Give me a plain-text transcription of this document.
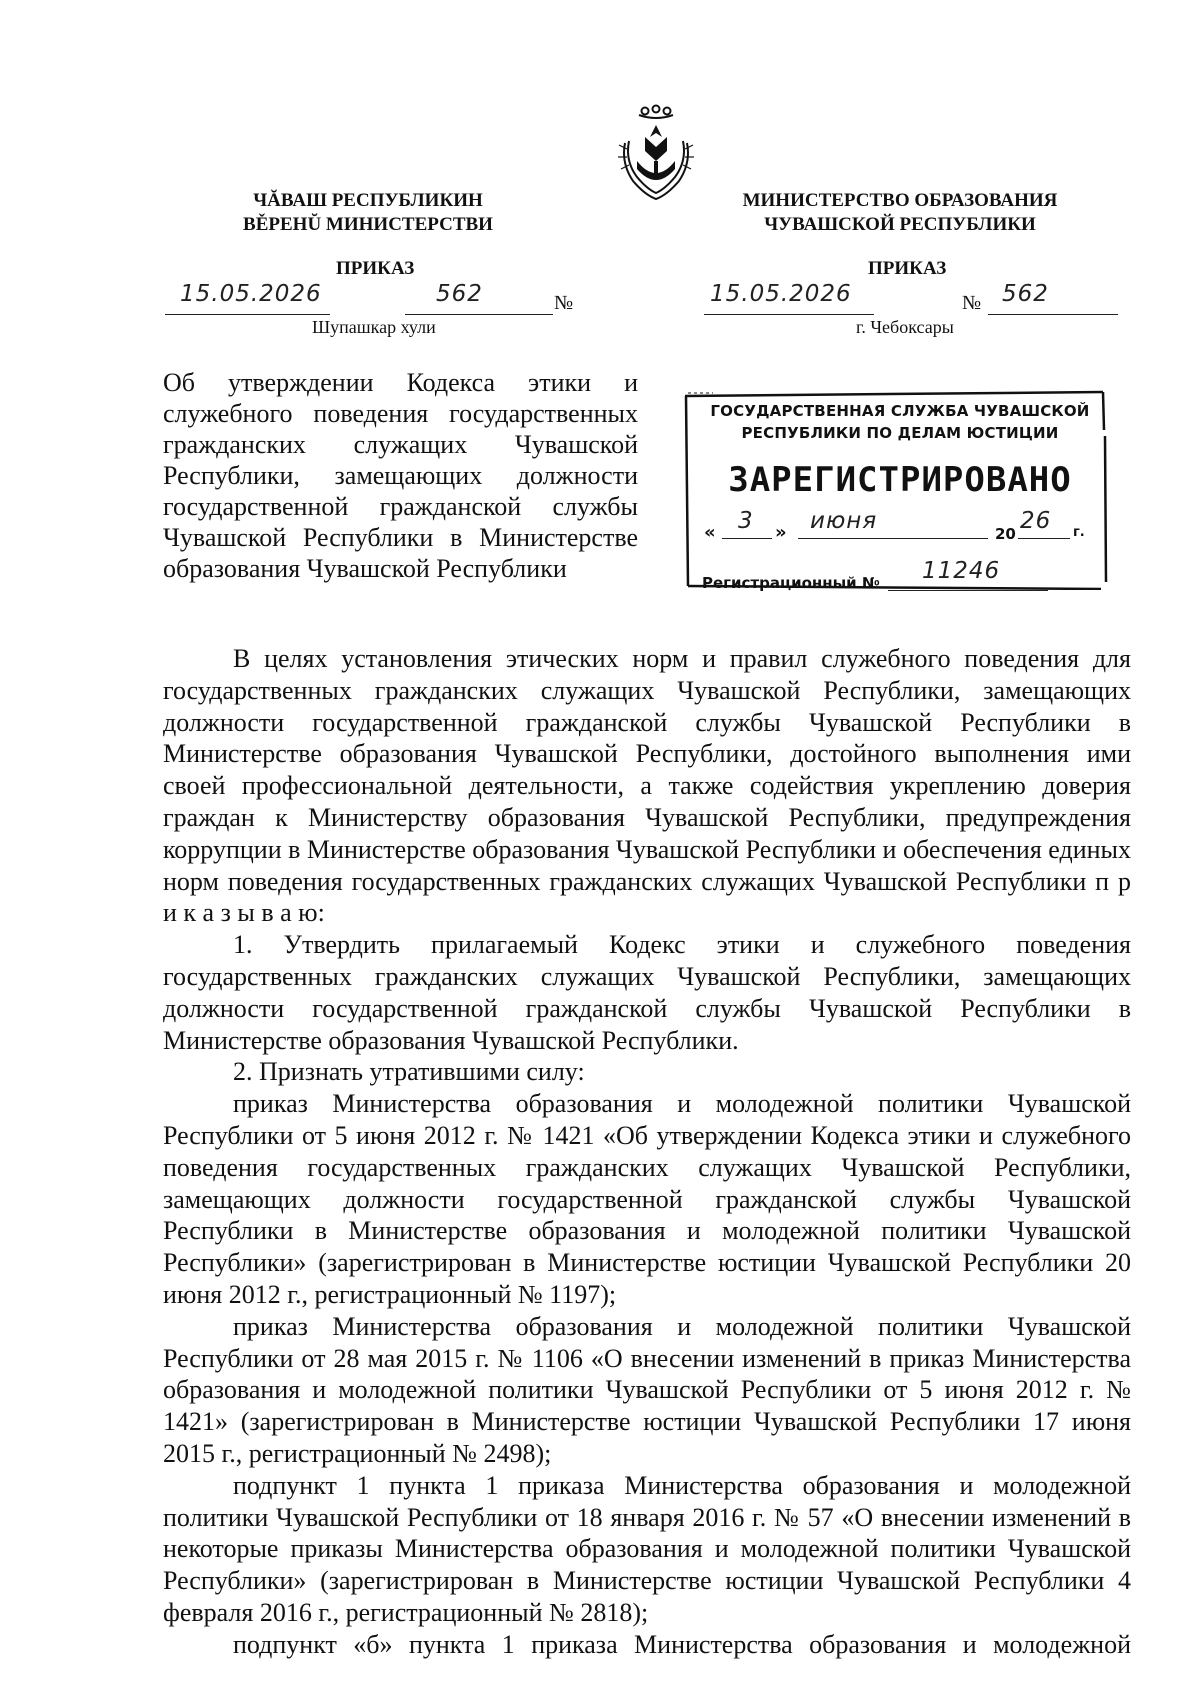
ЧĂВАШ РЕСПУБЛИКИН
ВĚРЕНŬ МИНИСТЕРСТВИ
МИНИСТЕРСТВО ОБРАЗОВАНИЯ
ЧУВАШСКОЙ РЕСПУБЛИКИ
ПРИКАЗ	ПРИКАЗ
15.05.2026	562	№
Шупашкар хули
15.05.2026	№ 562
г. Чебоксары
Об утверждении Кодекса этики и
служебного поведения государственных
гражданских служащих Чувашской
Республики, замещающих должности
государственной гражданской службы
Чувашской Республики в Министерстве
образования Чувашской Республики
ГОСУДАРСТВЕННАЯ СЛУЖБА ЧУВАШСКОЙ
РЕСПУБЛИКИ ПО ДЕЛАМ ЮСТИЦИИ
ЗАРЕГИСТРИРОВАНО
« 3 » июня	20 26 г.
Регистрационный № 11246

В целях установления этических норм и правил служебного поведения для государственных гражданских служащих Чувашской Республики, замещающих должности государственной гражданской службы Чувашской Республики в Министерстве образования Чувашской Республики, достойного выполнения ими своей профессиональной деятельности, а также содействия укреплению доверия граждан к Министерству образования Чувашской Республики, предупреждения коррупции в Министерстве образования Чувашской Республики и обеспечения единых норм поведения государственных гражданских служащих Чувашской Республики п р и к а з ы в а ю:

1. Утвердить прилагаемый Кодекс этики и служебного поведения государственных гражданских служащих Чувашской Республики, замещающих должности государственной гражданской службы Чувашской Республики в Министерстве образования Чувашской Республики.

2. Признать утратившими силу:

приказ Министерства образования и молодежной политики Чувашской Республики от 5 июня 2012 г. № 1421 «Об утверждении Кодекса этики и служебного поведения государственных гражданских служащих Чувашской Республики, замещающих должности государственной гражданской службы Чувашской Республики в Министерстве образования и молодежной политики Чувашской Республики» (зарегистрирован в Министерстве юстиции Чувашской Республики 20 июня 2012 г., регистрационный № 1197);

приказ Министерства образования и молодежной политики Чувашской Республики от 28 мая 2015 г. № 1106 «О внесении изменений в приказ Министерства образования и молодежной политики Чувашской Республики от 5 июня 2012 г. № 1421» (зарегистрирован в Министерстве юстиции Чувашской Республики 17 июня 2015 г., регистрационный № 2498);

подпункт 1 пункта 1 приказа Министерства образования и молодежной политики Чувашской Республики от 18 января 2016 г. № 57 «О внесении изменений в некоторые приказы Министерства образования и молодежной политики Чувашской Республики» (зарегистрирован в Министерстве юстиции Чувашской Республики 4 февраля 2016 г., регистрационный № 2818);

подпункт «б» пункта 1 приказа Министерства образования и молодежной
